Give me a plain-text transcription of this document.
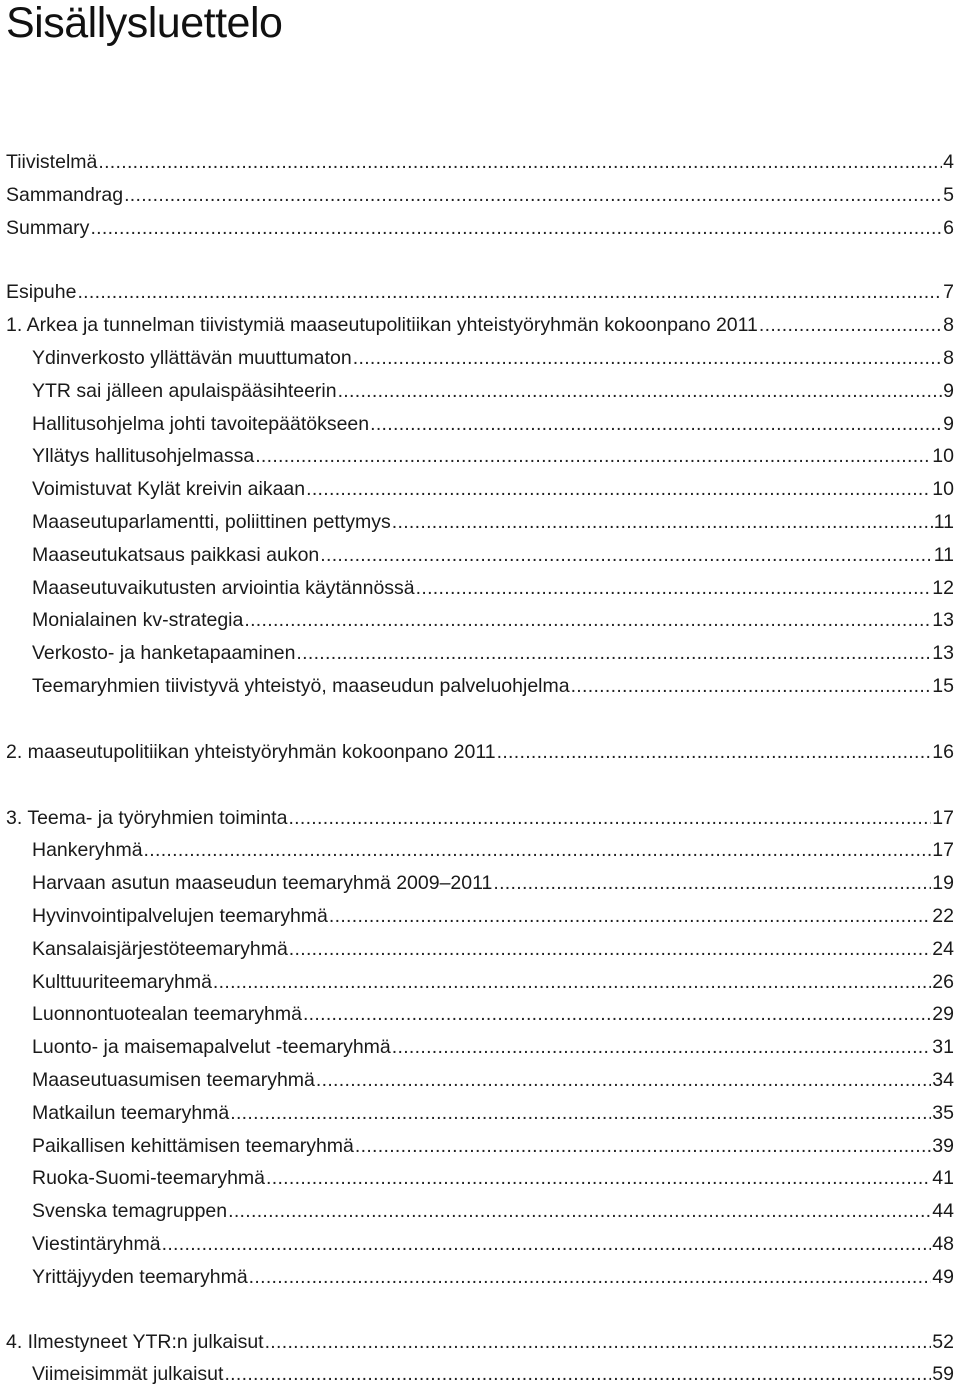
Sisällysluettelo
Tiivistelmä .....	4
Sammandrag .....	5
Summary .....	6
Esipuhe .....	7
1. Arkea ja tunnelman tiivistymiä maaseutupolitiikan yhteistyöryhmän kokoonpano 2011 .....	8
Ydinverkosto yllättävän muuttumaton .....	8
YTR sai jälleen apulaispääsihteerin .....	9
Hallitusohjelma johti tavoitepäätökseen .....	9
Yllätys hallitusohjelmassa .....	10
Voimistuvat Kylät kreivin aikaan .....	10
Maaseutuparlamentti, poliittinen pettymys .....	11
Maaseutukatsaus paikkasi aukon .....	11
Maaseutuvaikutusten arviointia käytännössä .....	12
Monialainen kv-strategia .....	13
Verkosto- ja hanketapaaminen .....	13
Teemaryhmien tiivistyvä yhteistyö, maaseudun palveluohjelma .....	15
2. maaseutupolitiikan yhteistyöryhmän kokoonpano 2011 .....	16
3. Teema- ja työryhmien toiminta .....	17
Hankeryhmä .....	17
Harvaan asutun maaseudun teemaryhmä 2009–2011 .....	19
Hyvinvointipalvelujen teemaryhmä .....	22
Kansalaisjärjestöteemaryhmä .....	24
Kulttuuriteemaryhmä .....	26
Luonnontuotealan teemaryhmä .....	29
Luonto- ja maisemapalvelut -teemaryhmä .....	31
Maaseutuasumisen teemaryhmä .....	34
Matkailun teemaryhmä .....	35
Paikallisen kehittämisen teemaryhmä .....	39
Ruoka-Suomi-teemaryhmä .....	41
Svenska temagruppen .....	44
Viestintäryhmä .....	48
Yrittäjyyden teemaryhmä .....	49
4. Ilmestyneet YTR:n julkaisut .....	52
Viimeisimmät julkaisut .....	59
